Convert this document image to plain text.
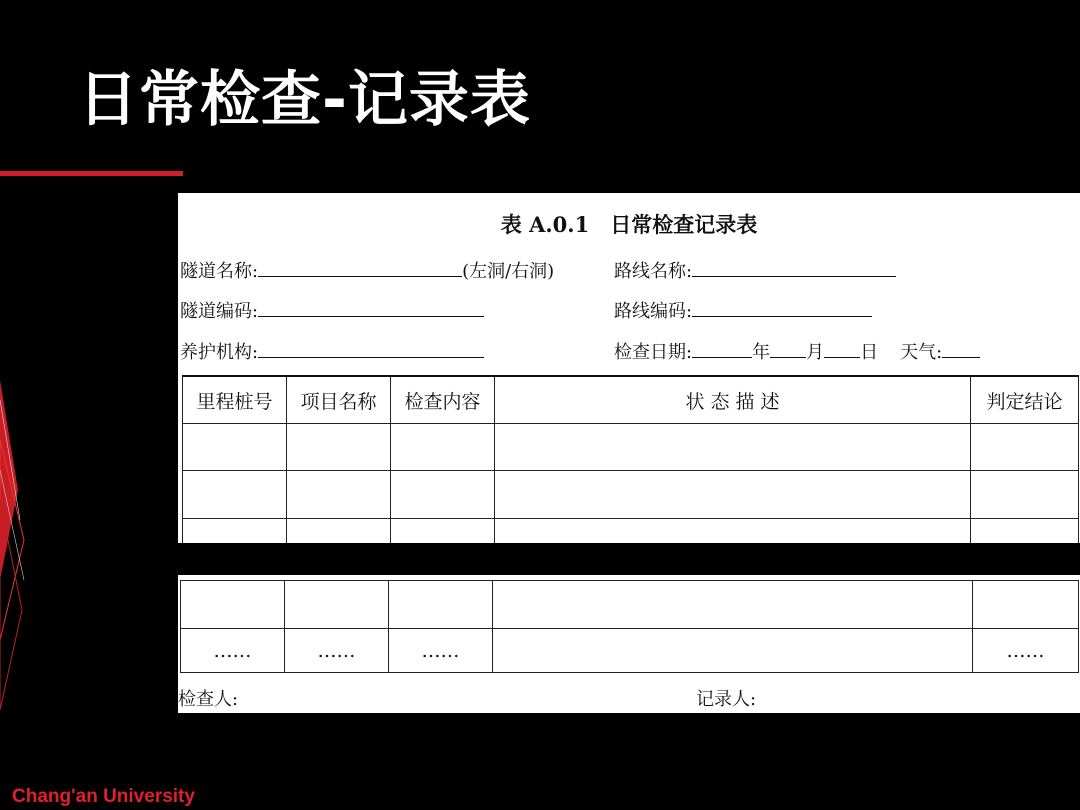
日常检查-记录表
表 A.0.1　日常检查记录表
隧道名称:	(左洞/右洞)	路线名称:
隧道编码:	路线编码:
养护机构:	检查日期:	年 月 日 天气:
里程桩号	项目名称	检查内容	状 态 描 述	判定结论

……	……	……		……
检查人:	记录人:
Chang'an University
